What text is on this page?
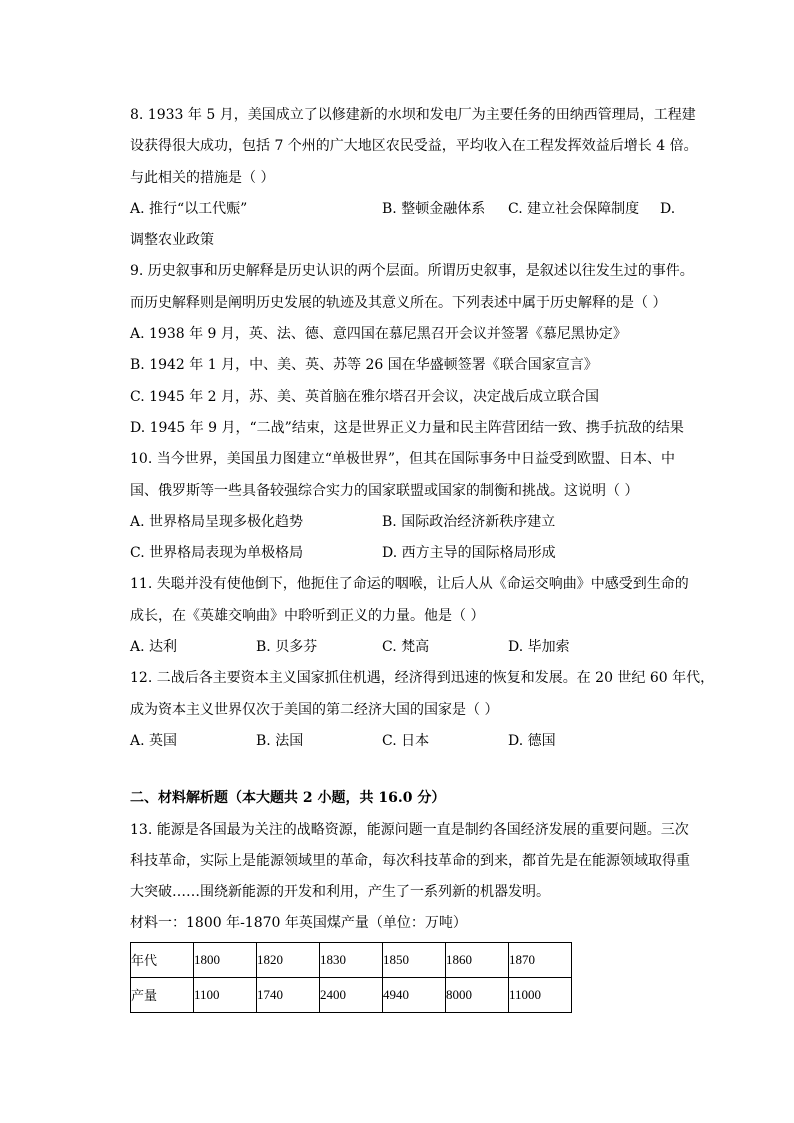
8. 1933 年 5 月，美国成立了以修建新的水坝和发电厂为主要任务的田纳西管理局，工程建
设获得很大成功，包括 7 个州的广大地区农民受益，平均收入在工程发挥效益后增长 4 倍。
与此相关的措施是（ ）
A. 推行“以工代赈”	B. 整顿金融体系	C. 建立社会保障制度	D.
调整农业政策
9. 历史叙事和历史解释是历史认识的两个层面。所谓历史叙事，是叙述以往发生过的事件。
而历史解释则是阐明历史发展的轨迹及其意义所在。下列表述中属于历史解释的是（ ）
A. 1938 年 9 月，英、法、德、意四国在慕尼黑召开会议并签署《慕尼黑协定》
B. 1942 年 1 月，中、美、英、苏等 26 国在华盛顿签署《联合国家宣言》
C. 1945 年 2 月，苏、美、英首脑在雅尔塔召开会议，决定战后成立联合国
D. 1945 年 9 月，“二战”结束，这是世界正义力量和民主阵营团结一致、携手抗敌的结果
10. 当今世界，美国虽力图建立“单极世界”，但其在国际事务中日益受到欧盟、日本、中
国、俄罗斯等一些具备较强综合实力的国家联盟或国家的制衡和挑战。这说明（ ）
A. 世界格局呈现多极化趋势	B. 国际政治经济新秩序建立
C. 世界格局表现为单极格局	D. 西方主导的国际格局形成
11. 失聪并没有使他倒下，他扼住了命运的咽喉，让后人从《命运交响曲》中感受到生命的
成长，在《英雄交响曲》中聆听到正义的力量。他是（ ）
A. 达利	B. 贝多芬	C. 梵高	D. 毕加索
12. 二战后各主要资本主义国家抓住机遇，经济得到迅速的恢复和发展。在 20 世纪 60 年代，
成为资本主义世界仅次于美国的第二经济大国的国家是（ ）
A. 英国	B. 法国	C. 日本	D. 德国
二、材料解析题（本大题共 2 小题，共 16.0 分）
13. 能源是各国最为关注的战略资源，能源问题一直是制约各国经济发展的重要问题。三次
科技革命，实际上是能源领域里的革命，每次科技革命的到来，都首先是在能源领域取得重
大突破……围绕新能源的开发和利用，产生了一系列新的机器发明。
材料一：1800 年-1870 年英国煤产量（单位：万吨）
年代	1800	1820	1830	1850	1860	1870
产量	1100	1740	2400	4940	8000	11000
